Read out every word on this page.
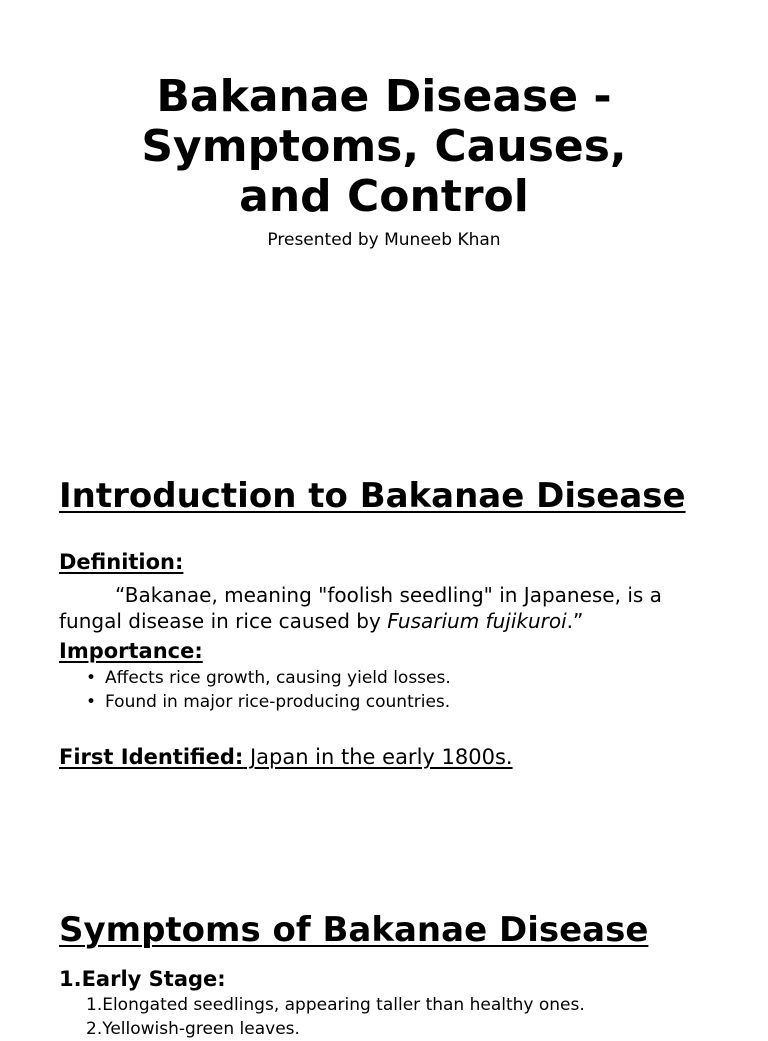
Bakanae Disease -
Symptoms, Causes,
and Control

Presented by Muneeb Khan

Introduction to Bakanae Disease

Definition:

“Bakanae, meaning "foolish seedling" in Japanese, is a fungal disease in rice caused by Fusarium fujikuroi.”

Importance:

• Affects rice growth, causing yield losses.
• Found in major rice-producing countries.

First Identified: Japan in the early 1800s.

Symptoms of Bakanae Disease

1.Early Stage:

1.Elongated seedlings, appearing taller than healthy ones.
2.Yellowish-green leaves.
